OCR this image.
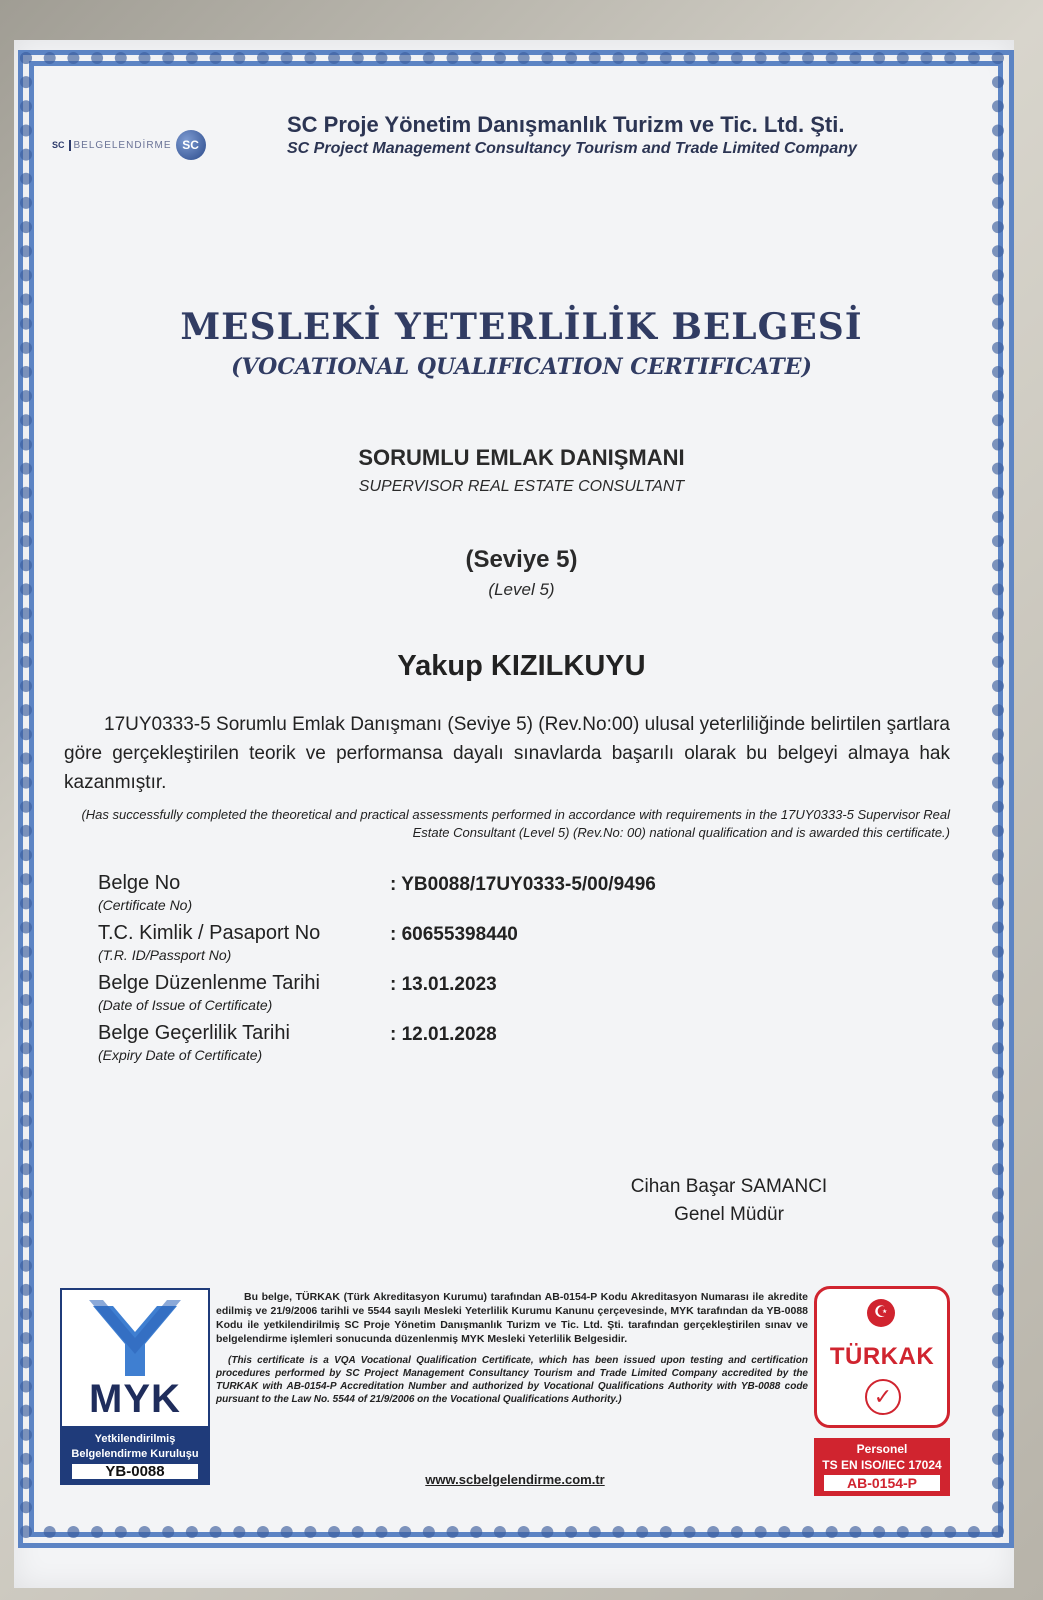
SC BELGELENDİRME SC
SC Proje Yönetim Danışmanlık Turizm ve Tic. Ltd. Şti.
SC Project Management Consultancy Tourism and Trade Limited Company
MESLEKİ YETERLİLİK BELGESİ
(VOCATIONAL QUALIFICATION CERTIFICATE)
SORUMLU EMLAK DANIŞMANI
SUPERVISOR REAL ESTATE CONSULTANT
(Seviye 5)
(Level 5)
Yakup KIZILKUYU
17UY0333-5 Sorumlu Emlak Danışmanı (Seviye 5) (Rev.No:00) ulusal yeterliliğinde belirtilen şartlara göre gerçekleştirilen teorik ve performansa dayalı sınavlarda başarılı olarak bu belgeyi almaya hak kazanmıştır.
(Has successfully completed the theoretical and practical assessments performed in accordance with requirements in the 17UY0333-5 Supervisor Real Estate Consultant (Level 5) (Rev.No: 00) national qualification and is awarded this certificate.)
Belge No
(Certificate No)
: YB0088/17UY0333-5/00/9496
T.C. Kimlik / Pasaport No
(T.R. ID/Passport No)
: 60655398440
Belge Düzenlenme Tarihi
(Date of Issue of Certificate)
: 13.01.2023
Belge Geçerlilik Tarihi
(Expiry Date of Certificate)
: 12.01.2028
Cihan Başar SAMANCI
Genel Müdür
MYK
Yetkilendirilmiş
Belgelendirme Kuruluşu
YB-0088
Bu belge, TÜRKAK (Türk Akreditasyon Kurumu) tarafından AB-0154-P Kodu Akreditasyon Numarası ile akredite edilmiş ve 21/9/2006 tarihli ve 5544 sayılı Mesleki Yeterlilik Kurumu Kanunu çerçevesinde, MYK tarafından da YB-0088 Kodu ile yetkilendirilmiş SC Proje Yönetim Danışmanlık Turizm ve Tic. Ltd. Şti. tarafından gerçekleştirilen sınav ve belgelendirme işlemleri sonucunda düzenlenmiş MYK Mesleki Yeterlilik Belgesidir.
(This certificate is a VQA Vocational Qualification Certificate, which has been issued upon testing and certification procedures performed by SC Project Management Consultancy Tourism and Trade Limited Company accredited by the TURKAK with AB-0154-P Accreditation Number and authorized by Vocational Qualifications Authority with YB-0088 code pursuant to the Law No. 5544 of 21/9/2006 on the Vocational Qualifications Authority.)
www.scbelgelendirme.com.tr
☪
TÜRKAK
✓
Personel
TS EN ISO/IEC 17024
AB-0154-P
